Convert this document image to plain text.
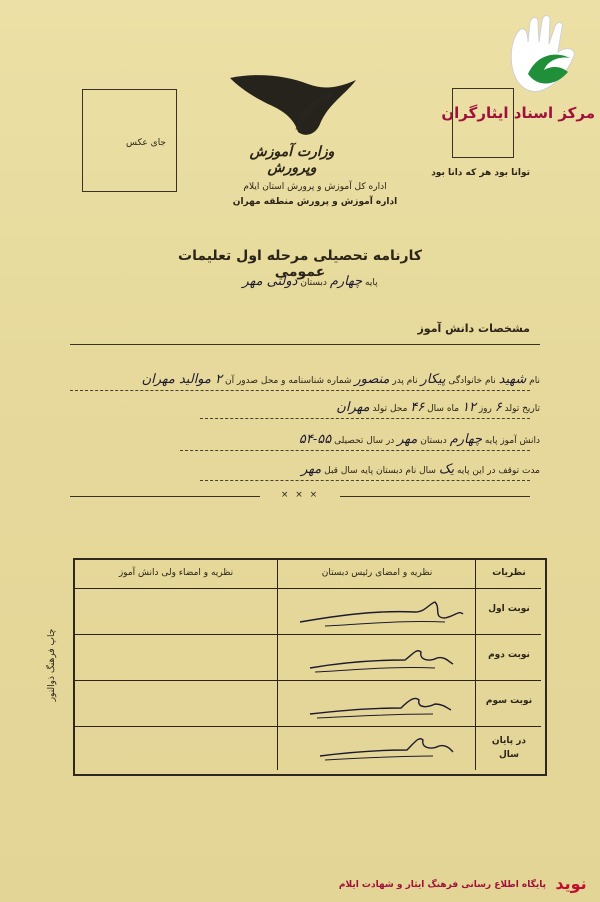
مرکز اسناد ایثارگران
جای عکس
وزارت آموزش وپرورش
اداره کل آموزش و پرورش استان ایلام
اداره آموزش و پرورش منطقه مهران
توانا بود هر که دانا بود
کارنامه تحصیلی مرحله اول تعلیمات عمومی
پایه چهارم دبستان دولتی مهر
مشخصات دانش آموز
نام شهید نام خانوادگی پیکار نام پدر منصور شماره شناسنامه و محل صدور آن ۲ موالید مهران
تاریخ تولد ۶ روز ۱۲ ماه سال ۴۶ محل تولد مهران
دانش آموز پایه چهارم دبستان مهر در سال تحصیلی ۵۵-۵۴
مدت توقف در این پایه یک سال نام دبستان پایه سال قبل مهر
× × ×
نظریات
نظریه و امضای رئیس دبستان
نظریه و امضاء ولی دانش آموز
نوبت اول
نوبت دوم
نوبت سوم
در پایان سال
چاپ فرهنگ ذوالنور
نوید
پایگاه اطلاع رسانی فرهنگ ایثار و شهادت ایلام
